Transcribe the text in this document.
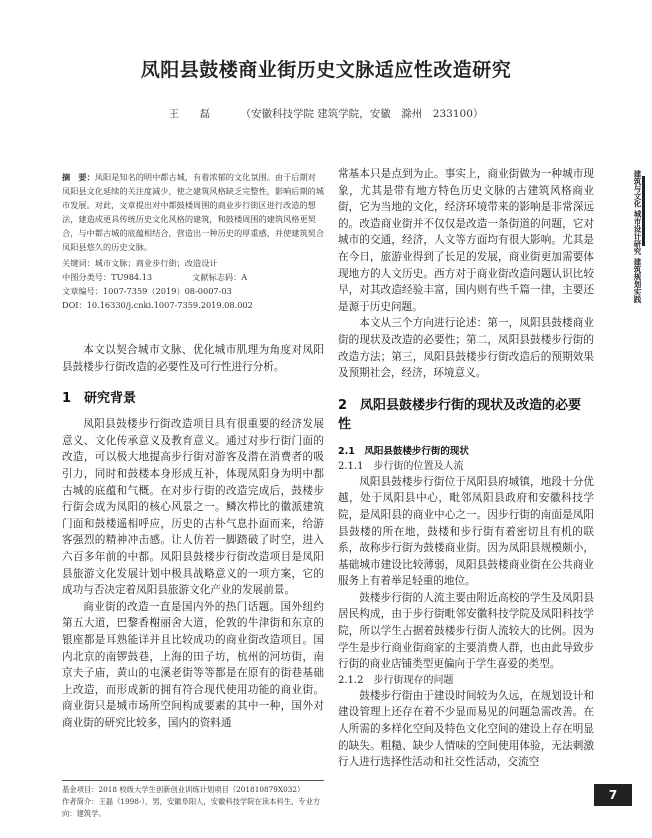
凤阳县鼓楼商业街历史文脉适应性改造研究
王　磊 （安徽科技学院 建筑学院，安徽　滁州　233100）

摘　要：凤阳是知名的明中都古城，有着浓郁的文化氛围。由于后期对凤阳县文化延续的关注度减少，使之建筑风格缺乏完整性，影响后期的城市发展。对此，文章提出对中都鼓楼周围的商业步行街区进行改造的想法，建造成更具传统历史文化风格的建筑，和鼓楼周围的建筑风格更契合，与中都古城的底蕴相结合，营造出一种历史的厚重感，并使建筑契合凤阳县悠久的历史文脉。

关键词：城市文脉；商业步行街；改造设计

中图分类号：TU984.13	文献标志码：A

文章编号：1007-7359（2019）08-0007-03

DOI：10.16330/j.cnki.1007-7359.2019.08.002

本文以契合城市文脉、优化城市肌理为角度对凤阳县鼓楼步行街改造的必要性及可行性进行分析。

1　研究背景

凤阳县鼓楼步行街改造项目具有很重要的经济发展意义、文化传承意义及教育意义。通过对步行街门面的改造，可以极大地提高步行街对游客及潜在消费者的吸引力，同时和鼓楼本身形成互补，体现凤阳身为明中都古城的底蕴和气概。在对步行街的改造完成后，鼓楼步行街会成为凤阳的核心风景之一。鳞次栉比的徽派建筑门面和鼓楼遥相呼应，历史的古朴气息扑面而来，给游客强烈的精神冲击感。让人仿若一脚踏破了时空，进入六百多年前的中都。凤阳县鼓楼步行街改造项目是凤阳县旅游文化发展计划中极具战略意义的一项方案，它的成功与否决定着凤阳县旅游文化产业的发展前景。

商业街的改造一直是国内外的热门话题。国外纽约第五大道，巴黎香榭丽舍大道，伦敦的牛津街和东京的银座都是耳熟能详并且比较成功的商业街改造项目。国内北京的南锣鼓巷，上海的田子坊，杭州的河坊街，南京夫子庙，黄山的屯溪老街等等都是在原有的街巷基础上改造，而形成新的拥有符合现代使用功能的商业街。商业街只是城市场所空间构成要素的其中一种，国外对商业街的研究比较多，国内的资料通

常基本只是点到为止。事实上，商业街做为一种城市现象，尤其是带有地方特色历史文脉的古建筑风格商业街，它为当地的文化，经济环境带来的影响是非常深远的。改造商业街并不仅仅是改造一条街道的问题，它对城市的交通，经济，人文等方面均有很大影响。尤其是在今日，旅游业得到了长足的发展，商业街更加需要体现地方的人文历史。西方对于商业街改造问题认识比较早，对其改造经验丰富，国内则有些千篇一律，主要还是源于历史问题。

本文从三个方向进行论述：第一，凤阳县鼓楼商业街的现状及改造的必要性；第二，凤阳县鼓楼步行街的改造方法；第三，凤阳县鼓楼步行街改造后的预期效果及预期社会，经济，环境意义。

2　凤阳县鼓楼步行街的现状及改造的必要性
2.1　凤阳县鼓楼步行街的现状
2.1.1　步行街的位置及人流

凤阳县鼓楼步行街位于凤阳县府城镇，地段十分优越，处于凤阳县中心，毗邻凤阳县政府和安徽科技学院，是凤阳县的商业中心之一。因步行街的南面是凤阳县鼓楼的所在地，鼓楼和步行街有着密切且有机的联系，故称步行街为鼓楼商业街。因为凤阳县规模颇小，基础城市建设比较薄弱，凤阳县鼓楼商业街在公共商业服务上有着举足轻重的地位。

鼓楼步行街的人流主要由附近高校的学生及凤阳县居民构成，由于步行街毗邻安徽科技学院及凤阳科技学院，所以学生占据着鼓楼步行街人流较大的比例。因为学生是步行商业街商家的主要消费人群，也由此导致步行街的商业店铺类型更偏向于学生喜爱的类型。

2.1.2　步行街现存的问题

鼓楼步行街由于建设时间较为久远，在规划设计和建设管理上还存在着不少显而易见的问题急需改善。在人所需的多样化空间及特色文化空间的建设上存在明显的缺失。粗糙、缺少人情味的空间使用体验，无法刺激行人进行选择性活动和社交性活动，交流空

基金项目：2018 校级大学生创新创业训练计划项目（201810879X032）
作者简介：王磊（1998-），男，安徽阜阳人，安徽科技学院在读本科生，专业方向：建筑学。
建筑与文化 城市设计研究 建筑规划实践
7
